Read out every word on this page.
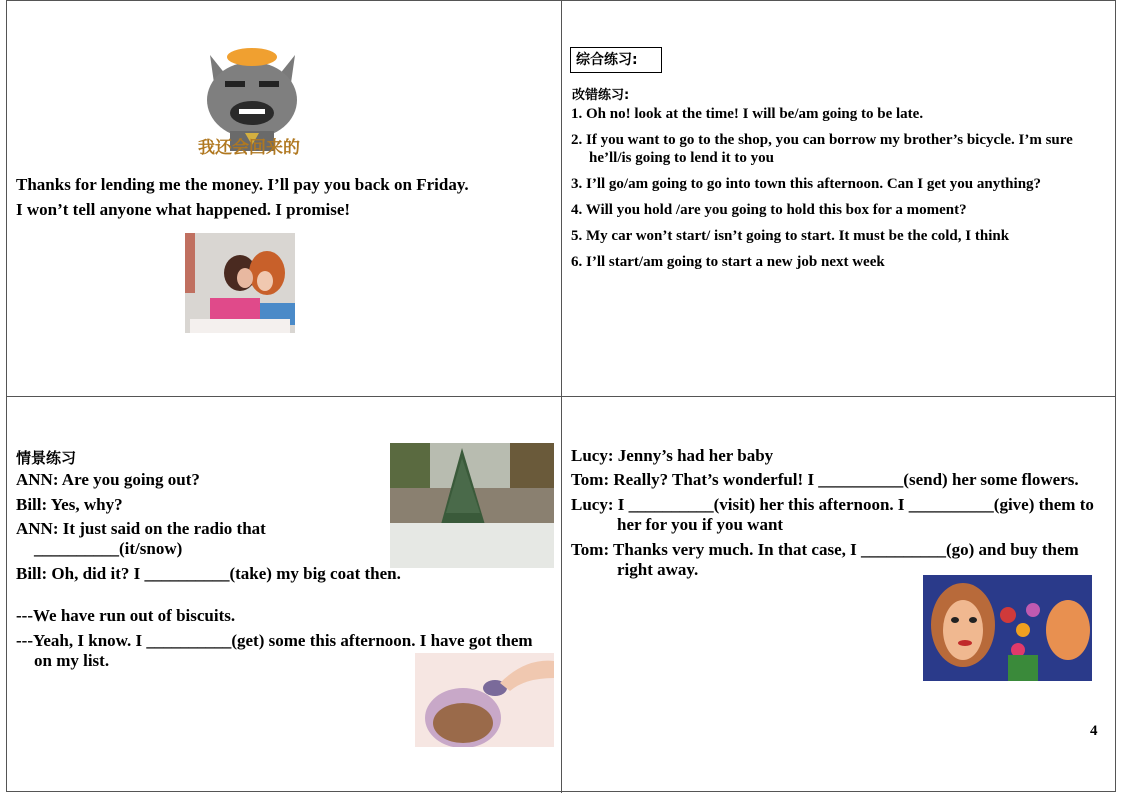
我还会回来的
Thanks for lending me the money. I’ll pay you back on Friday.
I won’t tell anyone what happened. I promise!
综合练习:
改错练习:
1. Oh no! look at the time! I will be/am going to be late.
2. If you want to go to the shop, you can borrow my brother’s bicycle. I’m sure
he’ll/is going to lend it to you
3. I’ll go/am going to go into town this afternoon. Can I get you anything?
4. Will you hold /are you going to hold this box for a moment?
5. My car won’t start/ isn’t going to start. It must be the cold, I think
6. I’ll start/am going to start a new job next week
情景练习
ANN: Are you going out?
Bill: Yes, why?
ANN: It just said on the radio that
__________(it/snow)
Bill: Oh, did it? I __________(take) my big coat then.
---We have run out of biscuits.
---Yeah, I know. I __________(get) some this afternoon. I have got them
on my list.
Lucy: Jenny’s had her baby
Tom: Really? That’s wonderful! I __________(send) her some flowers.
Lucy: I __________(visit) her this afternoon. I __________(give) them to
her for you if you want
Tom: Thanks very much. In that case, I __________(go) and buy them
right away.
4
